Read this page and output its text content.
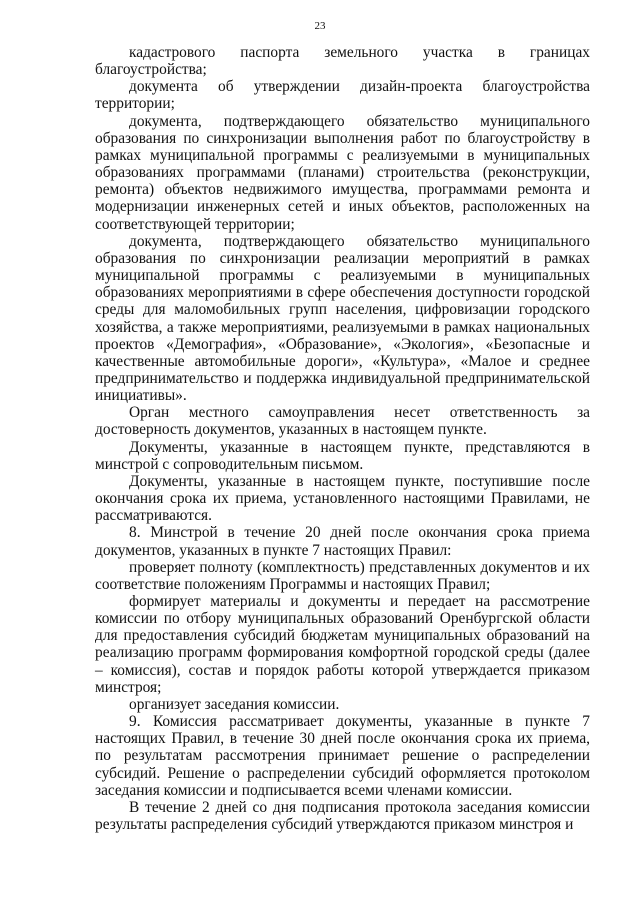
23

кадастрового паспорта земельного участка в границах благоустройства;

документа об утверждении дизайн-проекта благоустройства территории;

документа, подтверждающего обязательство муниципального образования по синхронизации выполнения работ по благоустройству в рамках муниципальной программы с реализуемыми в муниципальных образованиях программами (планами) строительства (реконструкции, ремонта) объектов недвижимого имущества, программами ремонта и модернизации инженерных сетей и иных объектов, расположенных на соответствующей территории;

документа, подтверждающего обязательство муниципального образования по синхронизации реализации мероприятий в рамках муниципальной программы с реализуемыми в муниципальных образованиях мероприятиями в сфере обеспечения доступности городской среды для маломобильных групп населения, цифровизации городского хозяйства, а также мероприятиями, реализуемыми в рамках национальных проектов «Демография», «Образование», «Экология», «Безопасные и качественные автомобильные дороги», «Культура», «Малое и среднее предпринимательство и поддержка индивидуальной предпринимательской инициативы».

Орган местного самоуправления несет ответственность за достоверность документов, указанных в настоящем пункте.

Документы, указанные в настоящем пункте, представляются в минстрой с сопроводительным письмом.

Документы, указанные в настоящем пункте, поступившие после окончания срока их приема, установленного настоящими Правилами, не рассматриваются.

8. Минстрой в течение 20 дней после окончания срока приема документов, указанных в пункте 7 настоящих Правил:

проверяет полноту (комплектность) представленных документов и их соответствие положениям Программы и настоящих Правил;

формирует материалы и документы и передает на рассмотрение комиссии по отбору муниципальных образований Оренбургской области для предоставления субсидий бюджетам муниципальных образований на реализацию программ формирования комфортной городской среды (далее – комиссия), состав и порядок работы которой утверждается приказом минстроя;

организует заседания комиссии.

9. Комиссия рассматривает документы, указанные в пункте 7 настоящих Правил, в течение 30 дней после окончания срока их приема, по результатам рассмотрения принимает решение о распределении субсидий. Решение о распределении субсидий оформляется протоколом заседания комиссии и подписывается всеми членами комиссии.

В течение 2 дней со дня подписания протокола заседания комиссии результаты распределения субсидий утверждаются приказом минстроя и
